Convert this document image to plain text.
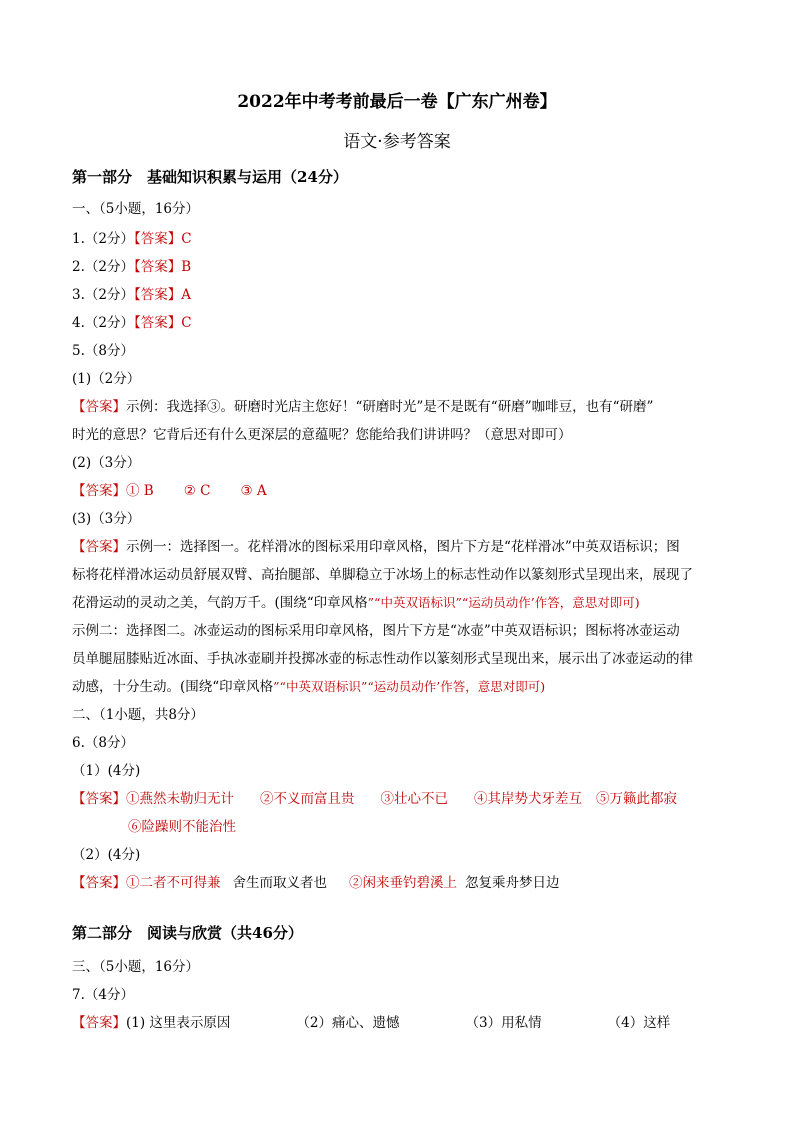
2022年中考考前最后一卷【广东广州卷】
语文·参考答案
第一部分　基础知识积累与运用（24分）
一、（5小题，16分）
1.（2分）【答案】C
2.（2分）【答案】B
3.（2分）【答案】A
4.（2分）【答案】C
5.（8分）
(1)（2分）
【答案】示例：我选择③。研磨时光店主您好！“研磨时光”是不是既有“研磨”咖啡豆，也有“研磨”
时光的意思？它背后还有什么更深层的意蕴呢？您能给我们讲讲吗？（意思对即可）
(2)（3分）
【答案】① B ② C ③ A
(3)（3分）
【答案】示例一：选择图一。花样滑冰的图标采用印章风格，图片下方是“花样滑冰”中英双语标识；图
标将花样滑冰运动员舒展双臂、高抬腿部、单脚稳立于冰场上的标志性动作以篆刻形式呈现出来，展现了
花滑运动的灵动之美，气韵万千。(围绕“印章风格”“中英双语标识”“运动员动作’作答，意思对即可)
示例二：选择图二。冰壶运动的图标采用印章风格，图片下方是“冰壶”中英双语标识；图标将冰壶运动
员单腿屈膝贴近冰面、手执冰壶刷并投掷冰壶的标志性动作以篆刻形式呈现出来，展示出了冰壶运动的律
动感，十分生动。(围绕“印章风格”“中英双语标识”“运动员动作’作答，意思对即可)
二、（1小题，共8分）
6.（8分）
（1）(4分)
【答案】①燕然未勒归无计 ②不义而富且贵 ③壮心不已 ④其岸势犬牙差互 ⑤万籁此都寂
⑥险躁则不能治性
（2）(4分)
【答案】①二者不可得兼 舍生而取义者也 ②闲来垂钓碧溪上 忽复乘舟梦日边
第二部分　阅读与欣赏（共46分）
三、（5小题，16分）
7.（4分）
【答案】(1) 这里表示原因	（2）痛心、遗憾	（3）用私情	（4）这样
